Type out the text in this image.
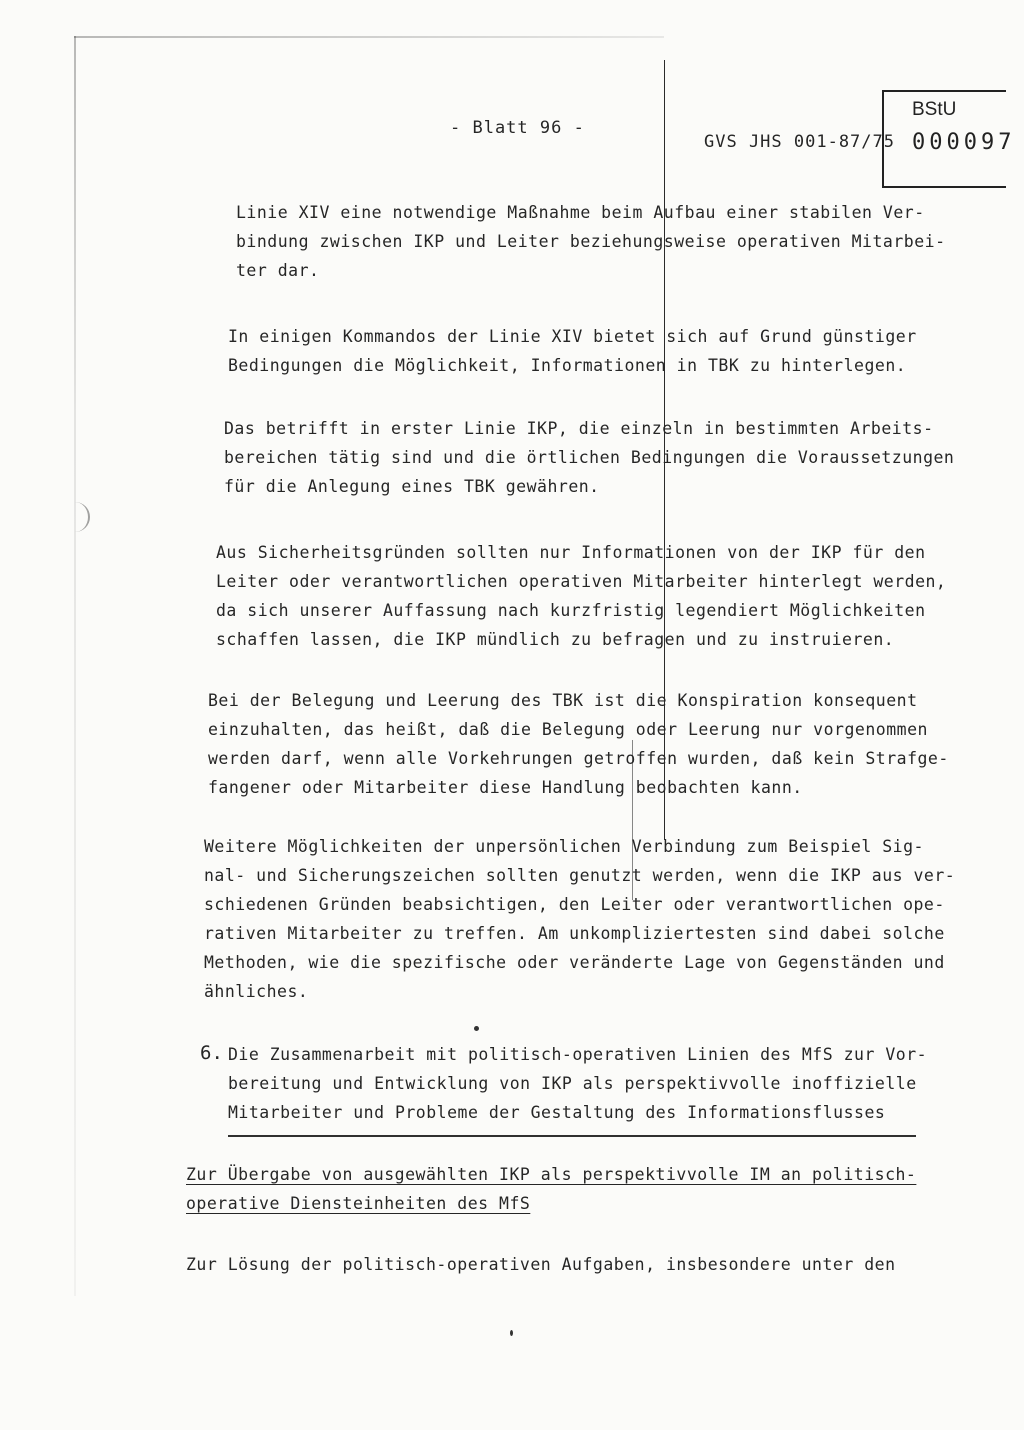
- Blatt 96 -
GVS JHS 001-87/75
BStU
000097
Linie XIV eine notwendige Maßnahme beim Aufbau einer stabilen Ver-
bindung zwischen IKP und Leiter beziehungsweise operativen Mitarbei-
ter dar.
In einigen Kommandos der Linie XIV bietet sich auf Grund günstiger
Bedingungen die Möglichkeit, Informationen in TBK zu hinterlegen.
Das betrifft in erster Linie IKP, die einzeln in bestimmten Arbeits-
bereichen tätig sind und die örtlichen Bedingungen die Voraussetzungen
für die Anlegung eines TBK gewähren.
Aus Sicherheitsgründen sollten nur Informationen von der IKP für den
Leiter oder verantwortlichen operativen Mitarbeiter hinterlegt werden,
da sich unserer Auffassung nach kurzfristig legendiert Möglichkeiten
schaffen lassen, die IKP mündlich zu befragen und zu instruieren.
Bei der Belegung und Leerung des TBK ist die Konspiration konsequent
einzuhalten, das heißt, daß die Belegung oder Leerung nur vorgenommen
werden darf, wenn alle Vorkehrungen getroffen wurden, daß kein Strafge-
fangener oder Mitarbeiter diese Handlung beobachten kann.
Weitere Möglichkeiten der unpersönlichen Verbindung zum Beispiel Sig-
nal- und Sicherungszeichen sollten genutzt werden, wenn die IKP aus ver-
schiedenen Gründen beabsichtigen, den Leiter oder verantwortlichen ope-
rativen Mitarbeiter zu treffen. Am unkompliziertesten sind dabei solche
Methoden, wie die spezifische oder veränderte Lage von Gegenständen und
ähnliches.
6. Die Zusammenarbeit mit politisch-operativen Linien des MfS zur Vor-
bereitung und Entwicklung von IKP als perspektivvolle inoffizielle
Mitarbeiter und Probleme der Gestaltung des Informationsflusses
Zur Übergabe von ausgewählten IKP als perspektivvolle IM an politisch-
operative Diensteinheiten des MfS
Zur Lösung der politisch-operativen Aufgaben, insbesondere unter den
